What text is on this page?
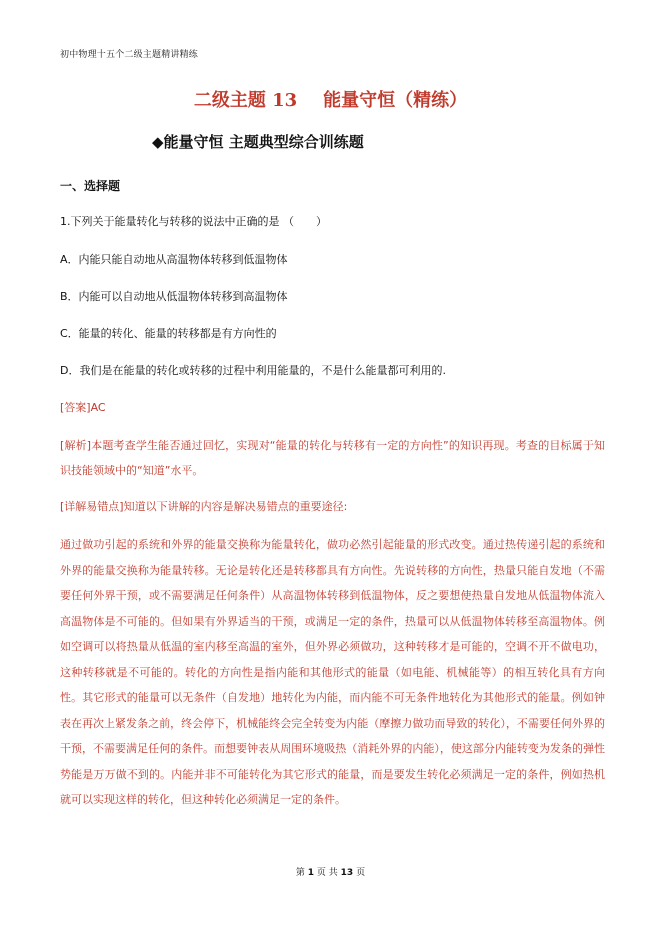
初中物理十五个二级主题精讲精练
二级主题 13 能量守恒（精练）
◆能量守恒 主题典型综合训练题
一、选择题
1.下列关于能量转化与转移的说法中正确的是 （　　）
A．内能只能自动地从高温物体转移到低温物体
B．内能可以自动地从低温物体转移到高温物体
C．能量的转化、能量的转移都是有方向性的
D．我们是在能量的转化或转移的过程中利用能量的，不是什么能量都可利用的.
[答案]AC
[解析]本题考查学生能否通过回忆，实现对“能量的转化与转移有一定的方向性”的知识再现。考查的目标属于知识技能领域中的“知道”水平。
[详解易错点]知道以下讲解的内容是解决易错点的重要途径:
通过做功引起的系统和外界的能量交换称为能量转化，做功必然引起能量的形式改变。通过热传递引起的系统和外界的能量交换称为能量转移。无论是转化还是转移都具有方向性。先说转移的方向性，热量只能自发地（不需要任何外界干预，或不需要满足任何条件）从高温物体转移到低温物体，反之要想使热量自发地从低温物体流入高温物体是不可能的。但如果有外界适当的干预，或满足一定的条件，热量可以从低温物体转移至高温物体。例如空调可以将热量从低温的室内移至高温的室外，但外界必须做功，这种转移才是可能的，空调不开不做电功，这种转移就是不可能的。转化的方向性是指内能和其他形式的能量（如电能、机械能等）的相互转化具有方向性。其它形式的能量可以无条件（自发地）地转化为内能，而内能不可无条件地转化为其他形式的能量。例如钟表在再次上紧发条之前，终会停下，机械能终会完全转变为内能（摩擦力做功而导致的转化），不需要任何外界的干预，不需要满足任何的条件。而想要钟表从周围环境吸热（消耗外界的内能），使这部分内能转变为发条的弹性势能是万万做不到的。内能并非不可能转化为其它形式的能量，而是要发生转化必须满足一定的条件，例如热机就可以实现这样的转化，但这种转化必须满足一定的条件。
第 1 页 共 13 页
